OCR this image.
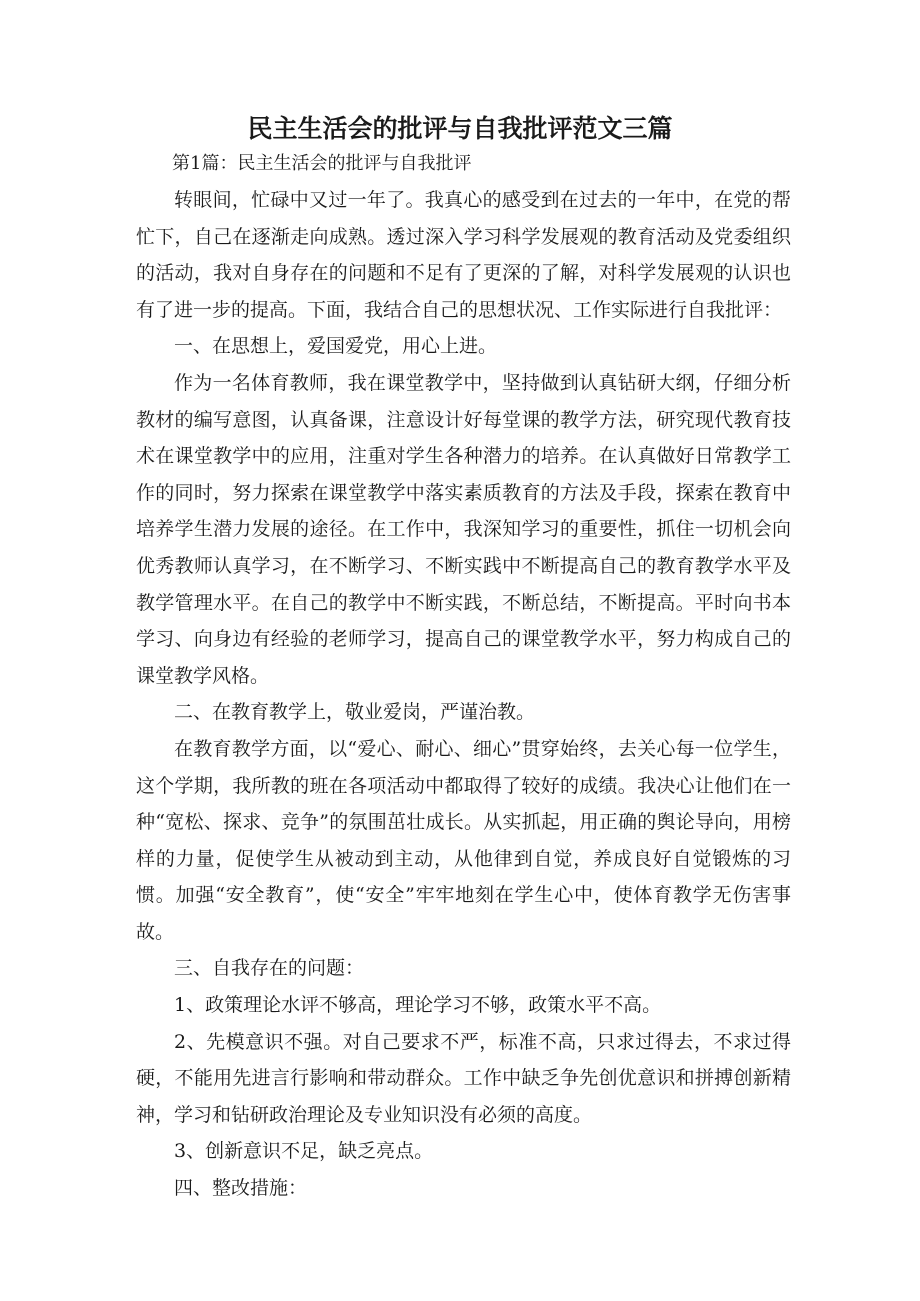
民主生活会的批评与自我批评范文三篇

第1篇：民主生活会的批评与自我批评

转眼间，忙碌中又过一年了。我真心的感受到在过去的一年中，在党的帮忙下，自己在逐渐走向成熟。透过深入学习科学发展观的教育活动及党委组织的活动，我对自身存在的问题和不足有了更深的了解，对科学发展观的认识也有了进一步的提高。下面，我结合自己的思想状况、工作实际进行自我批评：

一、在思想上，爱国爱党，用心上进。

作为一名体育教师，我在课堂教学中，坚持做到认真钻研大纲，仔细分析教材的编写意图，认真备课，注意设计好每堂课的教学方法，研究现代教育技术在课堂教学中的应用，注重对学生各种潜力的培养。在认真做好日常教学工作的同时，努力探索在课堂教学中落实素质教育的方法及手段，探索在教育中培养学生潜力发展的途径。在工作中，我深知学习的重要性，抓住一切机会向优秀教师认真学习，在不断学习、不断实践中不断提高自己的教育教学水平及教学管理水平。在自己的教学中不断实践，不断总结，不断提高。平时向书本学习、向身边有经验的老师学习，提高自己的课堂教学水平，努力构成自己的课堂教学风格。

二、在教育教学上，敬业爱岗，严谨治教。

在教育教学方面，以“爱心、耐心、细心”贯穿始终，去关心每一位学生，这个学期，我所教的班在各项活动中都取得了较好的成绩。我决心让他们在一种“宽松、探求、竞争”的氛围茁壮成长。从实抓起，用正确的舆论导向，用榜样的力量，促使学生从被动到主动，从他律到自觉，养成良好自觉锻炼的习惯。加强“安全教育”，使“安全”牢牢地刻在学生心中，使体育教学无伤害事故。

三、自我存在的问题：

1、政策理论水评不够高，理论学习不够，政策水平不高。

2、先模意识不强。对自己要求不严，标准不高，只求过得去，不求过得硬，不能用先进言行影响和带动群众。工作中缺乏争先创优意识和拼搏创新精神，学习和钻研政治理论及专业知识没有必须的高度。

3、创新意识不足，缺乏亮点。

四、整改措施：
